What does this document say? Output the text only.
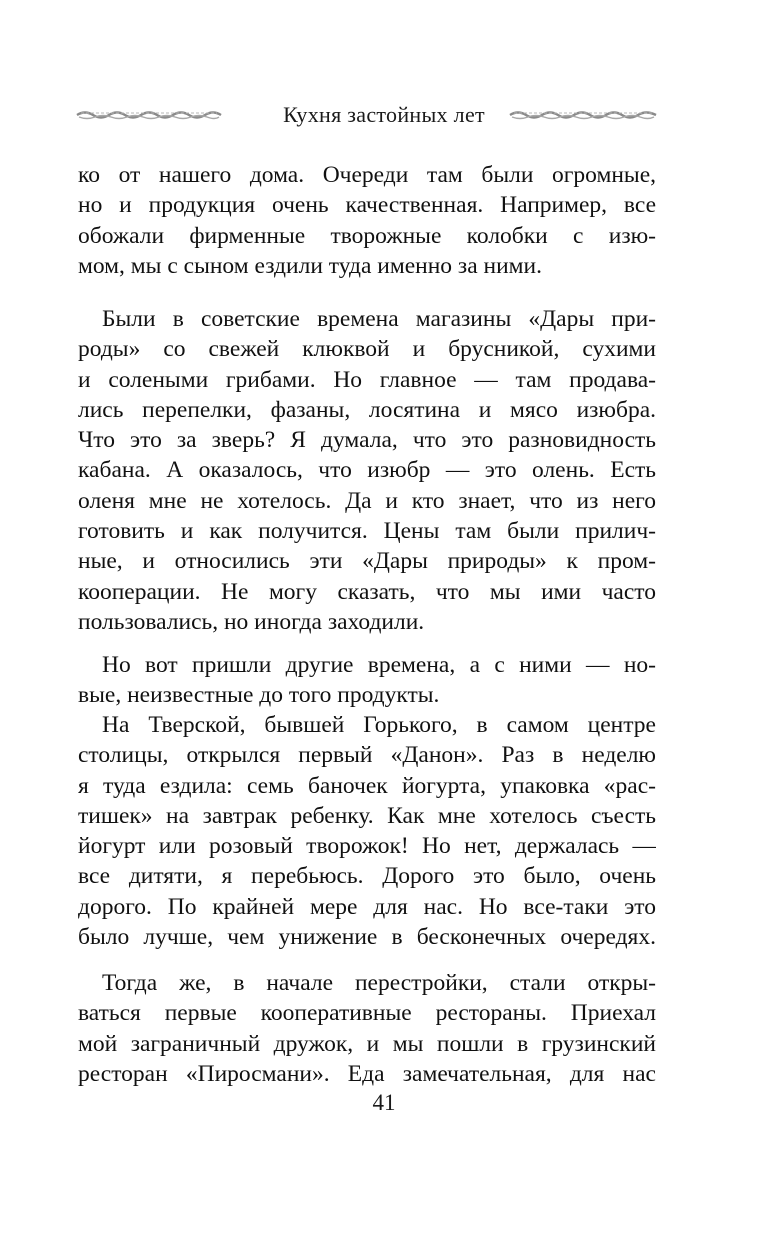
Кухня застойных лет
ко от нашего дома. Очереди там были огромные,
но и продукция очень качественная. Например, все
обожали фирменные творожные колобки с изю-
мом, мы с сыном ездили туда именно за ними.
Были в советские времена магазины «Дары при-
роды» со свежей клюквой и брусникой, сухими
и солеными грибами. Но главное — там продава-
лись перепелки, фазаны, лосятина и мясо изюбра.
Что это за зверь? Я думала, что это разновидность
кабана. А оказалось, что изюбр — это олень. Есть
оленя мне не хотелось. Да и кто знает, что из него
готовить и как получится. Цены там были прилич-
ные, и относились эти «Дары природы» к пром-
кооперации. Не могу сказать, что мы ими часто
пользовались, но иногда заходили.
Но вот пришли другие времена, а с ними — но-
вые, неизвестные до того продукты.
На Тверской, бывшей Горького, в самом центре
столицы, открылся первый «Данон». Раз в неделю
я туда ездила: семь баночек йогурта, упаковка «рас-
тишек» на завтрак ребенку. Как мне хотелось съесть
йогурт или розовый творожок! Но нет, держалась —
все дитяти, я перебьюсь. Дорого это было, очень
дорого. По крайней мере для нас. Но все-таки это
было лучше, чем унижение в бесконечных очередях.
Тогда же, в начале перестройки, стали откры-
ваться первые кооперативные рестораны. Приехал
мой заграничный дружок, и мы пошли в грузинский
ресторан «Пиросмани». Еда замечательная, для нас
41
